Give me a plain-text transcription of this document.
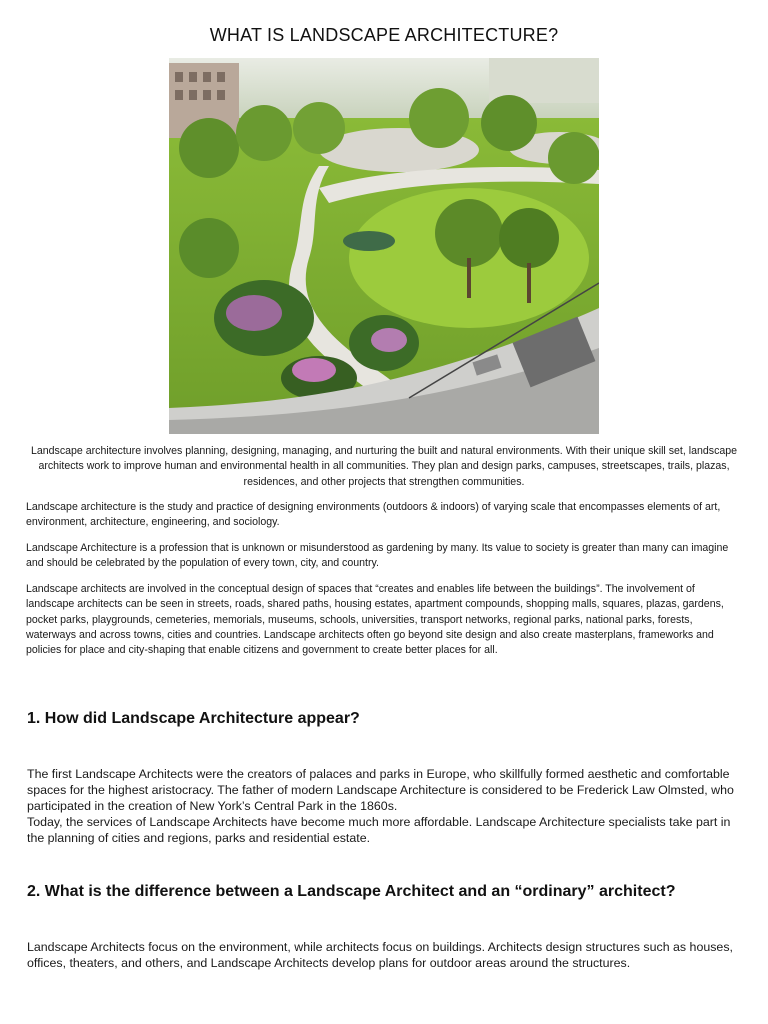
WHAT IS LANDSCAPE ARCHITECTURE?
Landscape architecture involves planning, designing, managing, and nurturing the built and natural environments. With their unique skill set, landscape architects work to improve human and environmental health in all communities. They plan and design parks, campuses, streetscapes, trails, plazas, residences, and other projects that strengthen communities.
Landscape architecture is the study and practice of designing environments (outdoors & indoors) of varying scale that encompasses elements of art, environment, architecture, engineering, and sociology.
Landscape Architecture is a profession that is unknown or misunderstood as gardening by many. Its value to society is greater than many can imagine and should be celebrated by the population of every town, city, and country.
Landscape architects are involved in the conceptual design of spaces that “creates and enables life between the buildings”. The involvement of landscape architects can be seen in streets, roads, shared paths, housing estates, apartment compounds, shopping malls, squares, plazas, gardens, pocket parks, playgrounds, cemeteries, memorials, museums, schools, universities, transport networks, regional parks, national parks, forests, waterways and across towns, cities and countries. Landscape architects often go beyond site design and also create masterplans, frameworks and policies for place and city-shaping that enable citizens and government to create better places for all.
1. How did Landscape Architecture appear?
The first Landscape Architects were the creators of palaces and parks in Europe, who skillfully formed aesthetic and comfortable spaces for the highest aristocracy. The father of modern Landscape Architecture is considered to be Frederick Law Olmsted, who participated in the creation of New York’s Central Park in the 1860s.
Today, the services of Landscape Architects have become much more affordable. Landscape Architecture specialists take part in the planning of cities and regions, parks and residential estate.
2. What is the difference between a Landscape Architect and an “ordinary” architect?
Landscape Architects focus on the environment, while architects focus on buildings. Architects design structures such as houses, offices, theaters, and others, and Landscape Architects develop plans for outdoor areas around the structures.
